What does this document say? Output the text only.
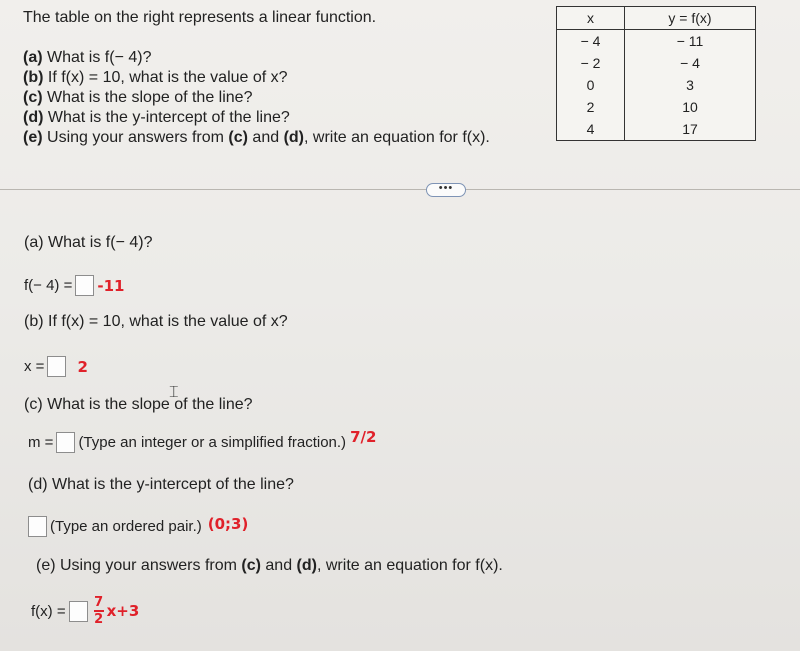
The table on the right represents a linear function.
(a) What is f(− 4)?
(b) If f(x) = 10, what is the value of x?
(c) What is the slope of the line?
(d) What is the y-intercept of the line?
(e) Using your answers from (c) and (d), write an equation for f(x).
x	y = f(x)
− 4	− 11
− 2	− 4
0	3
2	10
4	17
•••
(a) What is f(− 4)?
f(− 4) = -11
(b) If f(x) = 10, what is the value of x?
x = 2
(c) What is the slope of the line?
⌶
m = (Type an integer or a simplified fraction.) 7/2
(d) What is the y-intercept of the line?
(Type an ordered pair.) (0;3)
(e) Using your answers from (c) and (d), write an equation for f(x).
$f(x) = \frac{7}{2} x+3$
